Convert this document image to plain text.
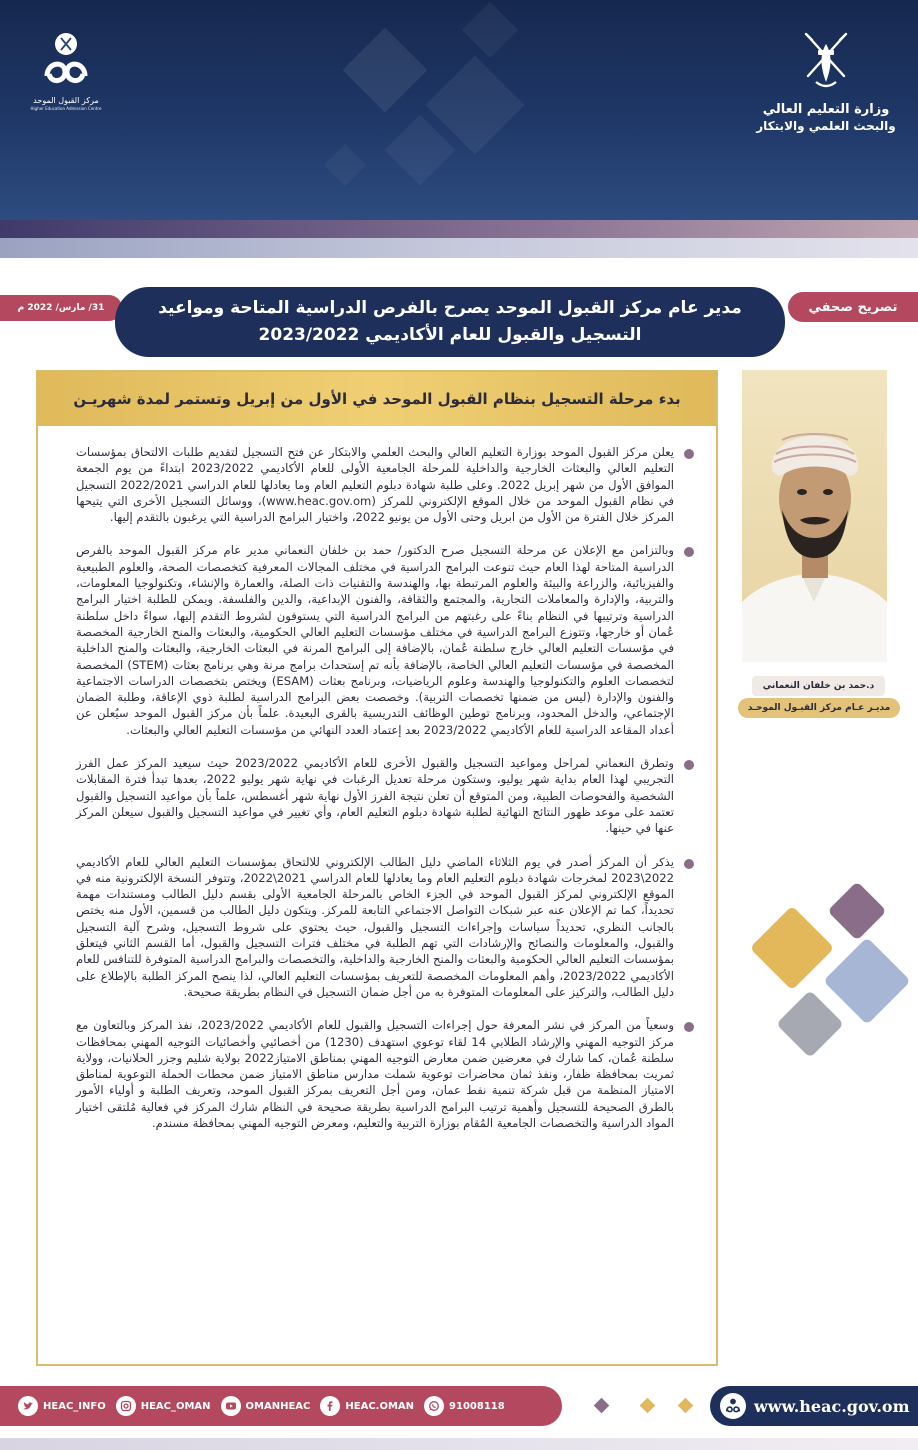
وزارة التعليم العالي
والبحث العلمي والابتكار
مركز القبول الموحد
Higher Education Admission Centre
تصريح صحفي
31/ مارس/ 2022 م	مدير عام مركز القبول الموحد يصرح بالفرص الدراسية المتاحة ومواعيد
التسجيل والقبول للعام الأكاديمي 2023/2022
بدء مرحلة التسجيل بنظام القبول الموحد في الأول من إبريل وتستمر لمدة شهريـن

يعلن مركز القبول الموحد بوزارة التعليم العالي والبحث العلمي والابتكار عن فتح التسجيل لتقديم طلبات الالتحاق بمؤسسات التعليم العالي والبعثات الخارجية والداخلية للمرحلة الجامعية الأولى للعام الأكاديمي 2023/2022 ابتداءً من يوم الجمعة الموافق الأول من شهر إبريل 2022. وعلى طلبة شهادة دبلوم التعليم العام وما يعادلها للعام الدراسي 2022/2021 التسجيل في نظام القبول الموحد من خلال الموقع الإلكتروني للمركز (www.heac.gov.om)، ووسائل التسجيل الأخرى التي يتيحها المركز خلال الفترة من الأول من ابريل وحتى الأول من يونيو 2022، واختيار البرامج الدراسية التي يرغبون بالتقدم إليها.

وبالتزامن مع الإعلان عن مرحلة التسجيل صرح الدكتور/ حمد بن خلفان النعماني مدير عام مركز القبول الموحد بالفرص الدراسية المتاحة لهذا العام حيث تنوعت البرامج الدراسية في مختلف المجالات المعرفية كتخصصات الصحة، والعلوم الطبيعية والفيزيائية، والزراعة والبيئة والعلوم المرتبطة بها، والهندسة والتقنيات ذات الصلة، والعمارة والإنشاء، وتكنولوجيا المعلومات، والتربية، والإدارة والمعاملات التجارية، والمجتمع والثقافة، والفنون الإبداعية، والدين والفلسفة. ويمكن للطلبة اختيار البرامج الدراسية وترتيبها في النظام بناءً على رغبتهم من البرامج الدراسية التي يستوفون لشروط التقدم إليها، سواءً داخل سلطنة عُمان أو خارجها، وتتوزع البرامج الدراسية في مختلف مؤسسات التعليم العالي الحكومية، والبعثات والمنح الخارجية المخصصة في مؤسسات التعليم العالي خارج سلطنة عُمان، بالإضافة إلى البرامج المرنة في البعثات الخارجية، والبعثات والمنح الداخلية المخصصة في مؤسسات التعليم العالي الخاصة، بالإضافة بأنه تم إستحداث برامج مرنة وهي برنامج بعثات (STEM) المخصصة لتخصصات العلوم والتكنولوجيا والهندسة وعلوم الرياضيات، وبرنامج بعثات (ESAM) ويختص بتخصصات الدراسات الاجتماعية والفنون والإدارة (ليس من ضمنها تخصصات التربية). وخصصت بعض البرامج الدراسية لطلبة ذوي الإعاقة، وطلبة الضمان الإجتماعي، والدخل المحدود، وبرنامج توطين الوظائف التدريسية بالقرى البعيدة. علماً بأن مركز القبول الموحد سيُعلن عن أعداد المقاعد الدراسية للعام الأكاديمي 2023/2022 بعد إعتماد العدد النهائي من مؤسسات التعليم العالي والبعثات.

وتطرق النعماني لمراحل ومواعيد التسجيل والقبول الأخرى للعام الأكاديمي 2023/2022 حيث سيعيد المركز عمل الفرز التجريبي لهذا العام بداية شهر يوليو، وستكون مرحلة تعديل الرغبات في نهاية شهر يوليو 2022، بعدها تبدأ فترة المقابلات الشخصية والفحوصات الطبية، ومن المتوقع أن تعلن نتيجة الفرز الأول نهاية شهر أغسطس، علماً بأن مواعيد التسجيل والقبول تعتمد على موعد ظهور النتائج النهائية لطلبة شهادة دبلوم التعليم العام، وأي تغيير في مواعيد التسجيل والقبول سيعلن المركز عنها في حينها.

يذكر أن المركز أصدر في يوم الثلاثاء الماضي دليل الطالب الإلكتروني للالتحاق بمؤسسات التعليم العالي للعام الأكاديمي 2022\2023 لمخرجات شهادة دبلوم التعليم العام وما يعادلها للعام الدراسي 2021\2022، وتتوفر النسخة الإلكترونية منه في الموقع الإلكتروني لمركز القبول الموحد في الجزء الخاص بالمرحلة الجامعية الأولى بقسم دليل الطالب ومستندات مهمة تحديداً، كما تم الإعلان عنه عبر شبكات التواصل الاجتماعي التابعة للمركز. ويتكون دليل الطالب من قسمين، الأول منه يختص بالجانب النظري، تحديداً سياسات وإجراءات التسجيل والقبول، حيث يحتوي على شروط التسجيل، وشرح آلية التسجيل والقبول، والمعلومات والنصائح والإرشادات التي تهم الطلبة في مختلف فترات التسجيل والقبول، أما القسم الثاني فيتعلق بمؤسسات التعليم العالي الحكومية والبعثات والمنح الخارجية والداخلية، والتخصصات والبرامج الدراسية المتوفرة للتنافس للعام الأكاديمي 2023/2022، وأهم المعلومات المخصصة للتعريف بمؤسسات التعليم العالي، لذا ينصح المركز الطلبة بالإطلاع على دليل الطالب، والتركيز على المعلومات المتوفرة به من أجل ضمان التسجيل في النظام بطريقة صحيحة.

وسعياً من المركز في نشر المعرفة حول إجراءات التسجيل والقبول للعام الأكاديمي 2023/2022، نفذ المركز وبالتعاون مع مركز التوجيه المهني والإرشاد الطلابي 14 لقاء توعوي استهدف (1230) من أخصائيي وأخصائيات التوجيه المهني بمحافظات سلطنة عُمان، كما شارك في معرضين ضمن معارض التوجيه المهني بمناطق الامتياز2022 بولاية شليم وجزر الحلانيات، وولاية ثمريت بمحافظة ظفار، ونفذ ثمان محاضرات توعوية شملت مدارس مناطق الامتياز ضمن محطات الحملة التوعوية لمناطق الامتياز المنظمة من قبل شركة تنمية نفط عمان، ومن أجل التعريف بمركز القبول الموحد، وتعريف الطلبة و أولياء الأمور بالطرق الصحيحة للتسجيل وأهمية ترتيب البرامج الدراسية بطريقة صحيحة في النظام شارك المركز في فعالية مُلتقى اختيار المواد الدراسية والتخصصات الجامعية المُقام بوزارة التربية والتعليم، ومعرض التوجيه المهني بمحافظة مسندم.

د.حمد بن خلفان النعماني
مديـر عـام مركز القبـول الموحـد
HEAC_INFO	HEAC_OMAN	OMANHEAC	HEAC.OMAN	91008118	www.heac.gov.om
